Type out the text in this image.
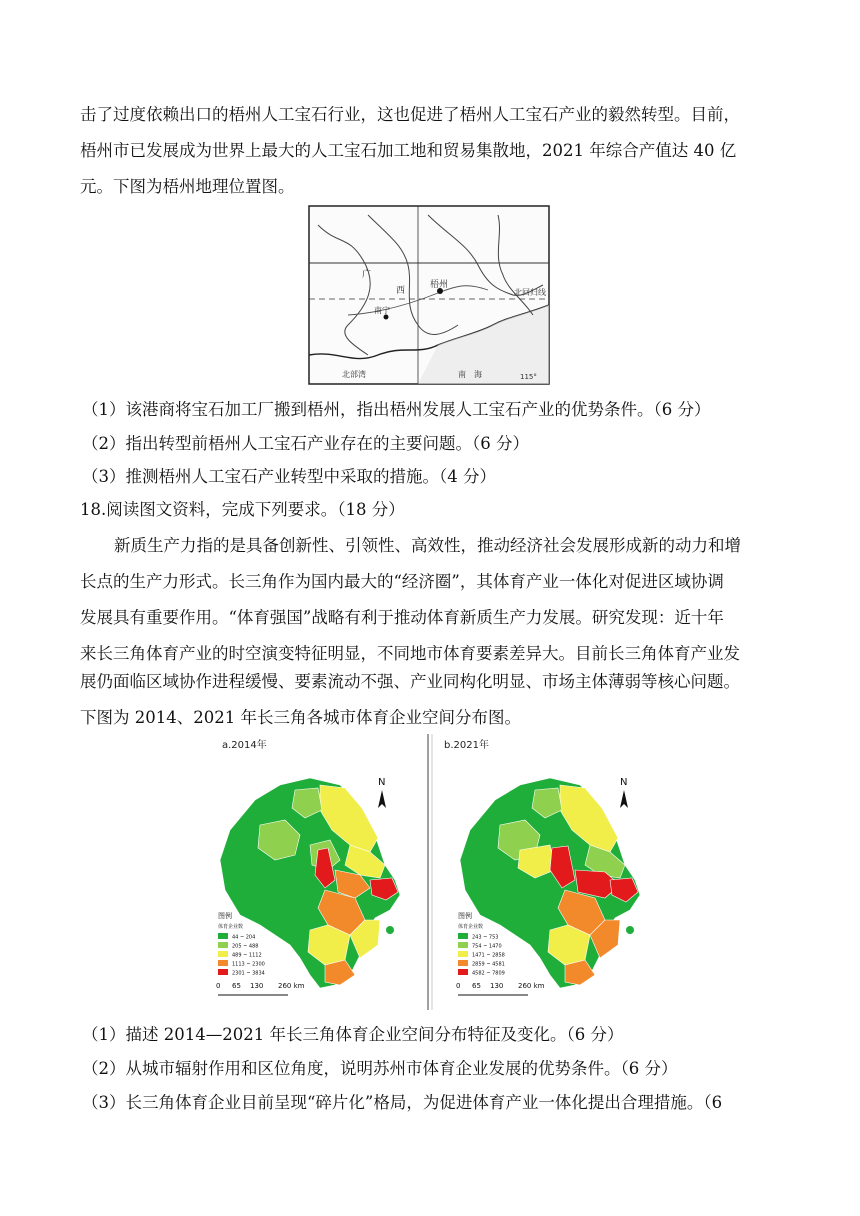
击了过度依赖出口的梧州人工宝石行业，这也促进了梧州人工宝石产业的毅然转型。目前，
梧州市已发展成为世界上最大的人工宝石加工地和贸易集散地，2021 年综合产值达 40 亿
元。下图为梧州地理位置图。
梧州
南宁
广
西	北回归线
北部湾	南　海	115°
（1）该港商将宝石加工厂搬到梧州，指出梧州发展人工宝石产业的优势条件。（6 分）
（2）指出转型前梧州人工宝石产业存在的主要问题。（6 分）
（3）推测梧州人工宝石产业转型中采取的措施。（4 分）
18.阅读图文资料，完成下列要求。（18 分）
新质生产力指的是具备创新性、引领性、高效性，推动经济社会发展形成新的动力和增
长点的生产力形式。长三角作为国内最大的“经济圈”，其体育产业一体化对促进区域协调
发展具有重要作用。“体育强国”战略有利于推动体育新质生产力发展。研究发现：近十年
来长三角体育产业的时空演变特征明显，不同地市体育要素差异大。目前长三角体育产业发
展仍面临区域协作进程缓慢、要素流动不强、产业同构化明显、市场主体薄弱等核心问题。
下图为 2014、2021 年长三角各城市体育企业空间分布图。
a.2014年	b.2021年
N
图例
体育企业数
44 ~ 204
205 ~ 488
489 ~ 1112
1113 ~ 2300
2301 ~ 3834
0 65 130 260 km
N
图例
体育企业数
243 ~ 753
754 ~ 1470
1471 ~ 2858
2859 ~ 4581
4582 ~ 7809
0 65 130 260 km
（1）描述 2014—2021 年长三角体育企业空间分布特征及变化。（6 分）
（2）从城市辐射作用和区位角度，说明苏州市体育企业发展的优势条件。（6 分）
（3）长三角体育企业目前呈现“碎片化”格局，为促进体育产业一体化提出合理措施。（6
